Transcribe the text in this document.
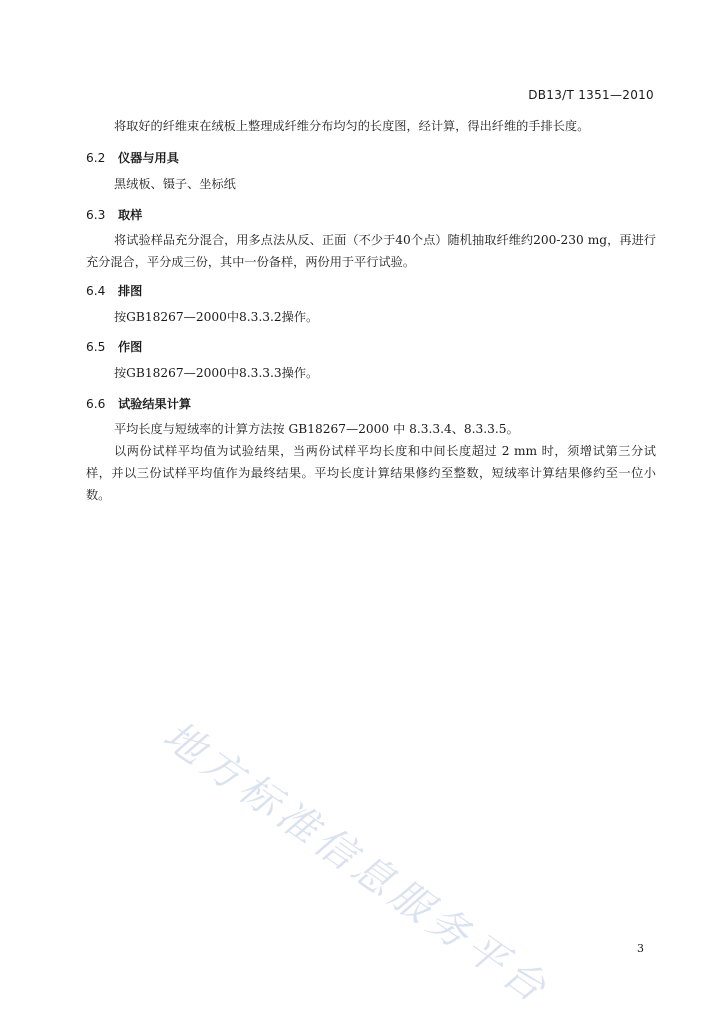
DB13/T 1351—2010
将取好的纤维束在绒板上整理成纤维分布均匀的长度图，经计算，得出纤维的手排长度。
6.2 仪器与用具
黑绒板、镊子、坐标纸
6.3 取样
将试验样品充分混合，用多点法从反、正面（不少于40个点）随机抽取纤维约200-230 mg，再进行充分混合，平分成三份，其中一份备样，两份用于平行试验。
6.4 排图
按GB18267—2000中8.3.3.2操作。
6.5 作图
按GB18267—2000中8.3.3.3操作。
6.6 试验结果计算
平均长度与短绒率的计算方法按 GB18267—2000 中 8.3.3.4、8.3.3.5。
以两份试样平均值为试验结果，当两份试样平均长度和中间长度超过 2 mm 时，须增试第三分试样，并以三份试样平均值作为最终结果。平均长度计算结果修约至整数，短绒率计算结果修约至一位小数。
地方标准信息服务平台	3
